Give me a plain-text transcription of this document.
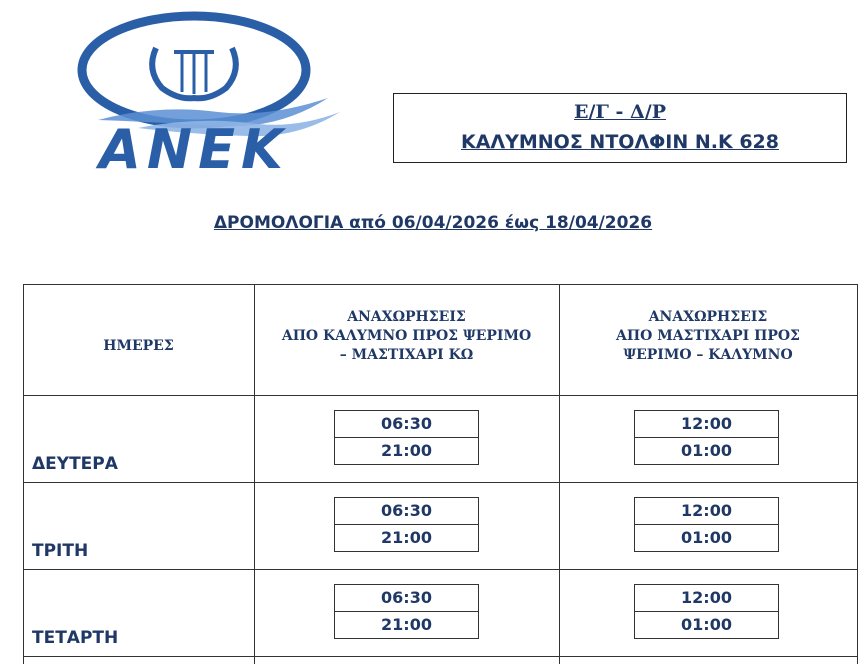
ΑΝΕΚ
Ε/Γ - Δ/Ρ
ΚΑΛΥΜΝΟΣ ΝΤΟΛΦΙΝ Ν.Κ 628
ΔΡΟΜΟΛΟΓΙΑ από 06/04/2026 έως 18/04/2026
ΗΜΕΡΕΣ
ΑΝΑΧΩΡΗΣΕΙΣ
ΑΠΟ ΚΑΛΥΜΝΟ ΠΡΟΣ ΨΕΡΙΜΟ
– ΜΑΣΤΙΧΑΡΙ ΚΩ
ΑΝΑΧΩΡΗΣΕΙΣ
ΑΠΟ ΜΑΣΤΙΧΑΡΙ ΠΡΟΣ
ΨΕΡΙΜΟ – ΚΑΛΥΜΝΟ
ΔΕΥΤΕΡΑ
06:30
21:00
12:00
01:00
ΤΡΙΤΗ
06:30
21:00
12:00
01:00
ΤΕΤΑΡΤΗ
06:30
21:00
12:00
01:00
